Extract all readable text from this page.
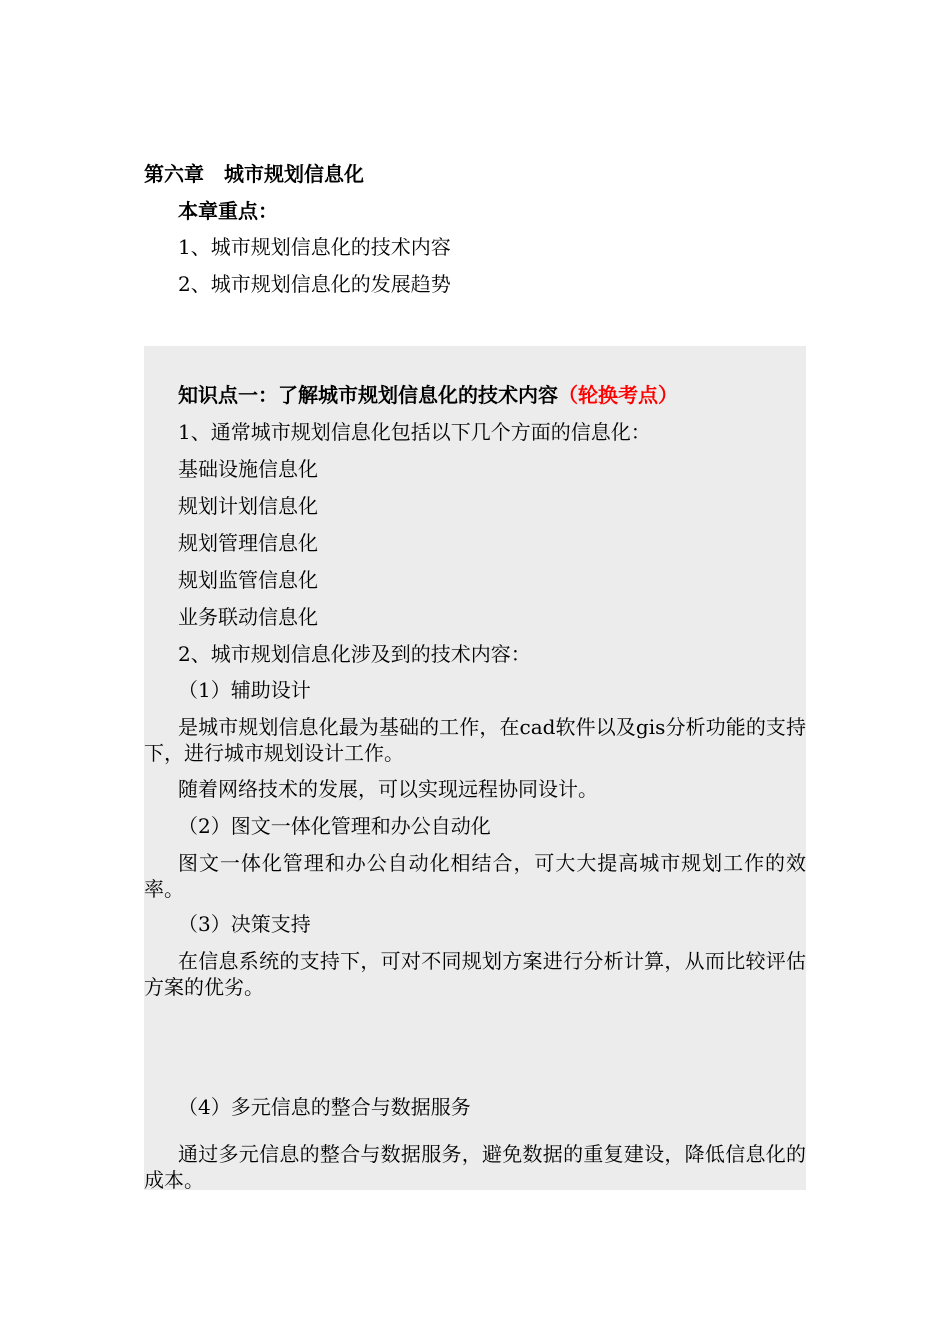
第六章　城市规划信息化
本章重点：
1、城市规划信息化的技术内容
2、城市规划信息化的发展趋势
知识点一：了解城市规划信息化的技术内容（轮换考点）
1、通常城市规划信息化包括以下几个方面的信息化：
基础设施信息化
规划计划信息化
规划管理信息化
规划监管信息化
业务联动信息化
2、城市规划信息化涉及到的技术内容：
（1）辅助设计
是城市规划信息化最为基础的工作，在cad软件以及gis分析功能的支持下，进行城市规划设计工作。
随着网络技术的发展，可以实现远程协同设计。
（2）图文一体化管理和办公自动化
图文一体化管理和办公自动化相结合，可大大提高城市规划工作的效率。
（3）决策支持
在信息系统的支持下，可对不同规划方案进行分析计算，从而比较评估方案的优劣。
（4）多元信息的整合与数据服务
通过多元信息的整合与数据服务，避免数据的重复建设，降低信息化的成本。
